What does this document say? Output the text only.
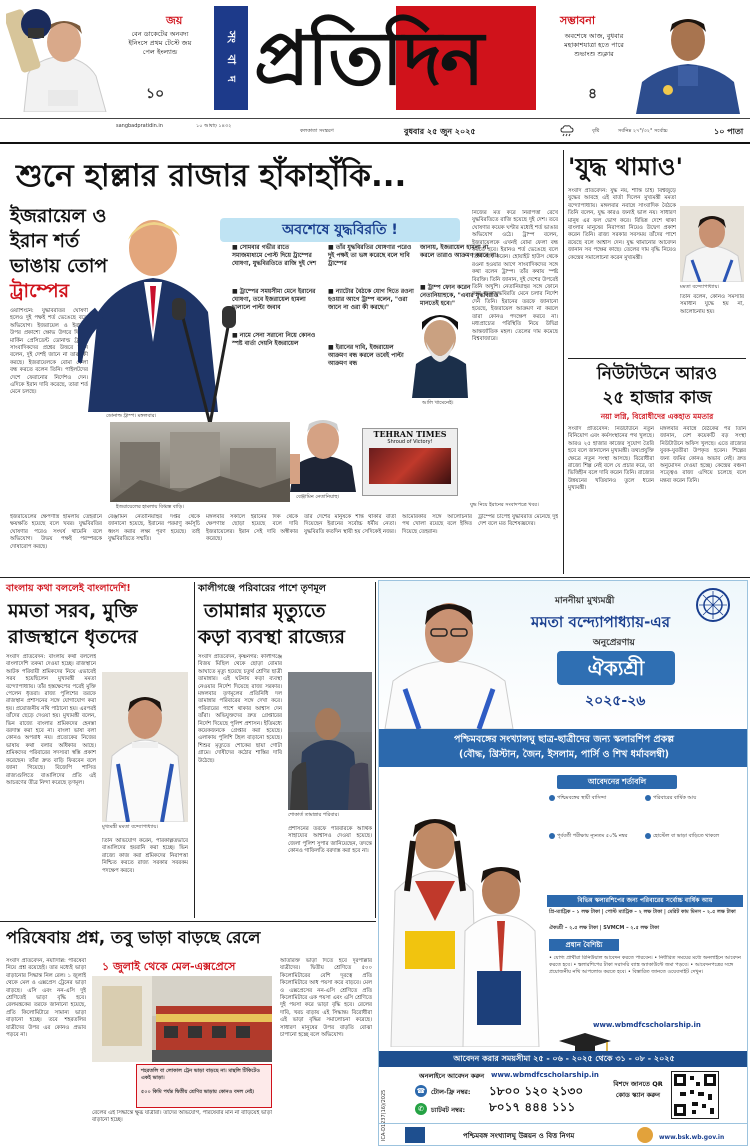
জয়
বেন ডাকেটের অনবদ্য ইনিংসে প্রথম টেস্টে জয় পেল ইংল্যান্ড
১০
সং বা দ প্রতিদিন	সম্ভাবনা
অবশেষে আজ, বুধবার মহাকাশযাত্রা হতে পারে শুভাংশু শুক্লার
৪
sangbadpratidin.in	১০ আষাঢ় ১৪৩২
কলকাতা সংস্করণ	বুধবার ২৫ জুন ২০২৫	বৃষ্টি	সর্বনিম্ন ২৭°/৩২° সর্বোচ্চ	১০ পাতা
শুনে হাল্লার রাজার হাঁকাহাঁকি...
ইজরায়েল ও
ইরান শর্ত
ভাঙায় তোপ
ট্রাম্পের
ওয়াশিংটন: যুদ্ধবিরতির ঘোষণা হলেও দুই পক্ষই শর্ত ভেঙেছে বলে অভিযোগ। ইজরায়েল ও ইরানের উপর প্রকাশ্যে ক্ষোভ উগরে দিলেন মার্কিন প্রেসিডেন্ট ডোনাল্ড ট্রাম্প। সাংবাদিকদের প্রশ্নের উত্তরে তিনি বলেন, দুই দেশই জানে না তারা কী করছে। ইজরায়েলকে বোমা ফেলা বন্ধ করতে বলেন তিনি। পাইলটদের দেশে ফেরানোর নির্দেশও দেন। এদিকে ইরান দাবি করেছে, তারা শর্ত মেনে চলছে।
ডোনাল্ড ট্রাম্প। মঙ্গলবার।
অবশেষে যুদ্ধবিরতি !
■ সোমবার গভীর রাতে সমাজমাধ্যমে পোস্ট দিয়ে ট্রাম্পের ঘোষণা, যুদ্ধবিরতিতে রাজি দুই দেশ
■ ট্রাম্পের সময়সীমা মেনে ইরানের ঘোষণা, তবে ইজরায়েল হামলা চালালে পাল্টা জবাব
■ নামে সেনা সরানো নিয়ে কোনও স্পষ্ট বার্তা দেয়নি ইজরায়েল
■ তাঁর যুদ্ধবিরতির ঘোষণার পরেও দুই পক্ষই তা ভঙ্গ করেছে বলে দাবি ট্রাম্পের
■ ন্যাটোর বৈঠকে যোগ দিতে রওনা হওয়ার আগে ট্রাম্প বলেন, "ওরা জানে না ওরা কী করছে।"
■ ইরানের দাবি, ইজরায়েল আক্রমণ বন্ধ করলে তবেই পাল্টা আক্রমণ বন্ধ
জানায়, ইজরায়েল হামলা না করলে তারাও আক্রমণ করবে না।
■ ট্রাম্প ফোন করেন নেতানিয়াহুকে, "এবার যুদ্ধবিরতি মানতেই হবে।"
আলি খামেনেই।
বেঞ্জামিন নেতানিয়াহু।
ইজরায়েলের হামলায় বিধ্বস্ত বাড়ি।
TEHRAN TIMES
Shroud of Victory!
যুদ্ধ নিয়ে ইরানের সংবাদপত্রে খবর।
নিজের মত করে নিরাপত্তা রেখে যুদ্ধবিরতিতে রাজি হয়েছে দুই দেশ। তবে ঘোষণার কয়েক ঘণ্টার মধ্যেই শর্ত ভাঙার অভিযোগ ওঠে। ট্রাম্প বলেন, ইজরায়েলকে এখনই বোমা ফেলা বন্ধ করতে হবে। ইরানও শর্ত ভেঙেছে বলে তিনি দাবি করেন। হোয়াইট হাউস থেকে রওনা হওয়ার আগে সাংবাদিকদের সঙ্গে কথা বলেন ট্রাম্প। তাঁর কথায় স্পষ্ট বিরক্তি। তিনি জানান, দুই দেশের উপরেই তিনি অখুশি। নেতানিয়াহুর সঙ্গে ফোনে কথা বলে যুদ্ধবিরতি মেনে চলার নির্দেশ দেন তিনি। ইরানের তরফে জানানো হয়েছে, ইজরায়েল আক্রমণ না করলে তারা কোনও পদক্ষেপ করবে না। মধ্যপ্রাচ্যের পরিস্থিতি নিয়ে উদ্বিগ্ন আন্তর্জাতিক মহল। তেলের দাম কমেছে বিশ্ববাজারে।
ইজরায়েলের ক্ষেপণাস্ত্র হামলায় তেহরানে ক্ষয়ক্ষতি হয়েছে বলে খবর। যুদ্ধবিরতির ঘোষণার পরেও সংঘর্ষ থামেনি বলে অভিযোগ। উভয় পক্ষই পরস্পরকে দোষারোপ করছে।
বেঞ্জামিন নেতানিয়াহুর দপ্তর থেকে জানানো হয়েছে, ইরানের পরমাণু কর্মসূচি ধ্বংস করার লক্ষ্য পূরণ হয়েছে। তাই যুদ্ধবিরতিতে সম্মতি।
মঙ্গলবার সকালে ইরানের দিক থেকে ক্ষেপণাস্ত্র ছোড়া হয়েছে বলে দাবি ইজরায়েলের। ইরান সেই দাবি অস্বীকার করেছে।
তাঁর দেশের মানুষকে শান্ত থাকার বার্তা দিয়েছেন ইরানের সর্বোচ্চ ধর্মীয় নেতা। যুদ্ধবিরতি কতদিন স্থায়ী হয় সেদিকেই নজর।
আমেরিকার সঙ্গে আলোচনার পথ খোলা রয়েছে বলে ইঙ্গিত দিয়েছে তেহরান।
ট্রাম্পের চাপেই যুদ্ধবিরতি মেনেছে দুই দেশ বলে মত বিশেষজ্ঞদের।
'যুদ্ধ থামাও'
সংবাদ প্রতিবেদন: যুদ্ধ নয়, শান্তি চাই। বিশ্বজুড়ে যুদ্ধের আবহে এই বার্তা দিলেন মুখ্যমন্ত্রী মমতা বন্দ্যোপাধ্যায়। মঙ্গলবার নবান্নে সাংবাদিক বৈঠকে তিনি বলেন, যুদ্ধ কারও জন্যই ভাল নয়। সাধারণ মানুষ এর ফল ভোগ করে। বিভিন্ন দেশে থাকা বাংলার মানুষের নিরাপত্তা নিয়েও উদ্বেগ প্রকাশ করেন তিনি। রাজ্য সরকার সবসময় তাঁদের পাশে রয়েছে বলে আশ্বাস দেন। যুদ্ধ থামানোর আবেদন জানান সব পক্ষের কাছে। তেলের দাম বৃদ্ধি নিয়েও কেন্দ্রের সমালোচনা করেন মুখ্যমন্ত্রী।
মমতা বন্দ্যোপাধ্যায়।
তিনি বলেন, কোনও সমস্যার সমাধান যুদ্ধে হয় না, আলোচনায় হয়।
নিউটাউনে আরও
২৫ হাজার কাজ
নয়া লগ্নি, বিরোধীদের একহাত মমতার
সংবাদ প্রতিবেদন: নিউটাউনে নতুন বিনিয়োগ এবং কর্মসংস্থানের পথ খুলছে। আরও ২৫ হাজার কাজের সুযোগ তৈরি হবে বলে জানালেন মুখ্যমন্ত্রী। তথ্যপ্রযুক্তি ক্ষেত্রে নতুন সংস্থা আসছে। বিরোধীরা রাজ্যে শিল্প নেই বলে যে প্রচার করে, তা ভিত্তিহীন বলে দাবি করেন তিনি। রাজ্যের উন্নয়নের খতিয়ানও তুলে ধরেন মুখ্যমন্ত্রী।
মঙ্গলবার নবান্নে বৈঠকের পর তিনি জানান, বেশ কয়েকটি বড় সংস্থা নিউটাউনে অফিস খুলছে। এতে রাজ্যের যুবক-যুবতীরা উপকৃত হবেন। শিল্পের জন্য জমির কোনও অভাব নেই। দ্রুত অনুমোদন দেওয়া হচ্ছে। কেন্দ্রের বঞ্চনা সত্ত্বেও রাজ্য এগিয়ে চলেছে বলে মন্তব্য করেন তিনি।
বাংলায় কথা বললেই বাংলাদেশি!
মমতা সরব, মুক্তি
রাজস্থানে ধৃতদের
সংবাদ প্রতিবেদন: বাংলায় কথা বললেই বাংলাদেশি তকমা দেওয়া হচ্ছে। রাজস্থানে আটক পরিযায়ী শ্রমিকদের নিয়ে এভাবেই সরব হয়েছিলেন মুখ্যমন্ত্রী মমতা বন্দ্যোপাধ্যায়। তাঁর হস্তক্ষেপের পরেই মুক্তি পেলেন ধৃতরা। রাজ্য পুলিশের তরফে রাজস্থান প্রশাসনের সঙ্গে যোগাযোগ করা হয়। প্রয়োজনীয় নথি পাঠানো হয়। এরপরই তাঁদের ছেড়ে দেওয়া হয়। মুখ্যমন্ত্রী বলেন, ভিন রাজ্যে বাংলার শ্রমিকদের হেনস্তা বরদাস্ত করা হবে না। বাংলা ভাষা বলা কোনও অপরাধ নয়। প্রত্যেকের নিজের ভাষায় কথা বলার অধিকার আছে। শ্রমিকদের পরিবারের সদস্যরা স্বস্তি প্রকাশ করেছেন। তাঁরা দ্রুত বাড়ি ফিরবেন বলে জানা গিয়েছে। বিজেপি শাসিত রাজ্যগুলিতে বাঙালিদের প্রতি এই আচরণের তীব্র নিন্দা করেছে তৃণমূল।
মুখ্যমন্ত্রী মমতা বন্দ্যোপাধ্যায়।
তিনি অভিযোগ করেন, পরিকল্পিতভাবে বাঙালিদের হয়রানি করা হচ্ছে। ভিন রাজ্যে কাজ করা শ্রমিকদের নিরাপত্তা নিশ্চিত করতে রাজ্য সরকার সবরকম পদক্ষেপ করবে।
কালীগঞ্জে পরিবারের পাশে তৃণমূল
তামান্নার মৃত্যুতে
কড়া ব্যবস্থা রাজ্যের
সংবাদ প্রতিবেদন, কৃষ্ণনগর: কালীগঞ্জে বিজয় মিছিল থেকে ছোড়া বোমার আঘাতে মৃত্যু হয়েছে চতুর্থ শ্রেণির ছাত্রী তামান্নার। এই ঘটনায় কড়া ব্যবস্থা নেওয়ার নির্দেশ দিয়েছে রাজ্য সরকার। মঙ্গলবার তৃণমূলের প্রতিনিধি দল তামান্নার পরিবারের সঙ্গে দেখা করে। পরিবারের পাশে থাকার আশ্বাস দেন তাঁরা। অভিযুক্তদের দ্রুত গ্রেপ্তারের নির্দেশ দিয়েছে পুলিশ প্রশাসন। ইতিমধ্যে কয়েকজনকে গ্রেপ্তার করা হয়েছে। এলাকায় পুলিশি টহল বাড়ানো হয়েছে। শিশুর মৃত্যুতে শোকের ছায়া গোটা গ্রামে। দোষীদের কঠোর শাস্তির দাবি উঠেছে।
শোকার্ত তামান্নার পরিবার।
প্রশাসনের তরফে পরিবারকে আর্থিক সাহায্যের আশ্বাসও দেওয়া হয়েছে। জেলা পুলিশ সুপার জানিয়েছেন, তদন্তে কোনও গাফিলতি বরদাস্ত করা হবে না।
পরিষেবায় প্রশ্ন, তবু ভাড়া বাড়ছে রেলে
সংবাদ প্রতিবেদন, নয়াদিল্লি: পরিষেবা নিয়ে প্রশ্ন রয়েছেই। তার মধ্যেই ভাড়া বাড়ানোর সিদ্ধান্ত নিল রেল। ১ জুলাই থেকে মেল ও এক্সপ্রেস ট্রেনের ভাড়া বাড়ছে। এসি এবং নন-এসি দুই শ্রেণিতেই ভাড়া বৃদ্ধি হবে। রেলমন্ত্রকের তরফে জানানো হয়েছে, প্রতি কিলোমিটারে সামান্য ভাড়া বাড়ানো হচ্ছে। তবে শহরতলির যাত্রীদের উপর এর কোনও প্রভাব পড়বে না।
১ জুলাই থেকে মেল-এক্সপ্রেসে
শহরতলি বা লোকাল ট্রেন ভাড়া বাড়ছে না। মান্থলি টিকিটেও একই ভাড়া।
৫০০ কিমি পর্যন্ত দ্বিতীয় শ্রেণির ভাড়ায় কোনও বদল নেই।
রেলের এই সিদ্ধান্তে ক্ষুব্ধ যাত্রীরা। তাঁদের অভিযোগ, পরিষেবার মান না বাড়িয়েই ভাড়া বাড়ানো হচ্ছে।
অতিরিক্ত ভাড়া দিতে হবে দূরপাল্লার যাত্রীদের। দ্বিতীয় শ্রেণিতে ৫০০ কিলোমিটারের বেশি দূরত্বে প্রতি কিলোমিটারে আধ পয়সা করে বাড়বে। মেল ও এক্সপ্রেসের নন-এসি শ্রেণিতে প্রতি কিলোমিটারে এক পয়সা এবং এসি শ্রেণিতে দুই পয়সা করে ভাড়া বৃদ্ধি হবে। রেলের দাবি, খরচ বাড়ায় এই সিদ্ধান্ত। বিরোধীরা এই ভাড়া বৃদ্ধির সমালোচনা করেছে। সাধারণ মানুষের উপর বাড়তি বোঝা চাপানো হচ্ছে বলে অভিযোগ।
মাননীয়া মুখ্যমন্ত্রী
মমতা বন্দ্যোপাধ্যায়-এর
অনুপ্রেরণায়
ঐক্যশ্রী
২০২৫-২৬
পশ্চিমবঙ্গের সংখ্যালঘু ছাত্র-ছাত্রীদের জন্য স্কলারশিপ প্রকল্প
(বৌদ্ধ, খ্রিস্টান, জৈন, ইসলাম, পার্সি ও শিখ ধর্মাবলম্বী)
আবেদনের শর্তাবলি
পশ্চিমবঙ্গের স্থায়ী বাসিন্দা	পরিবারের বার্ষিক আয়
পূর্ববর্তী পরীক্ষায় ন্যূনতম ৫০% নম্বর	হোস্টেল বা ভাড়া বাড়িতে থাকলে
বিভিন্ন স্কলারশিপের জন্য পরিবারের সর্বোচ্চ বার্ষিক আয়
প্রি-ম্যাট্রিক – ১ লক্ষ টাকা | পোস্ট ম্যাট্রিক – ২ লক্ষ টাকা | মেরিট কাম মিনস – ২.৫ লক্ষ টাকা
ঐক্যশ্রী – ২.৫ লক্ষ টাকা | SVMCM – ২.৫ লক্ষ টাকা
প্রধান বৈশিষ্ট্য
• যোগ্য প্রার্থীরা রিনিউয়াল আবেদন করতে পারবেন। • নির্ধারিত সময়ের মধ্যে অনলাইনে আবেদন করতে হবে। • স্কলারশিপের টাকা সরাসরি ব্যাঙ্ক অ্যাকাউন্টে জমা পড়বে। • আবেদনপত্রের সঙ্গে প্রয়োজনীয় নথি আপলোড করতে হবে। • বিস্তারিত জানতে ওয়েবসাইট দেখুন।
www.wbmdfcscholarship.in
আবেদন করার সময়সীমা ২৫ - ০৬ - ২০২৫ থেকে ৩১ - ০৮ - ২০২৫
ICA-D1237(16)/2025
অনলাইনে আবেদন করুন www.wbmdfcscholarship.in
☎ টোল-ফ্রি নম্বর: ১৮০০ ১২০ ২১৩০
✆	চ্যাটবট নম্বর: ৮০১৭ ৪৪৪ ১১১
বিশদে জানতে QR কোড স্ক্যান করুন
পশ্চিমবঙ্গ সংখ্যালঘু উন্নয়ন ও বিত্ত নিগম	www.bsk.wb.gov.in
